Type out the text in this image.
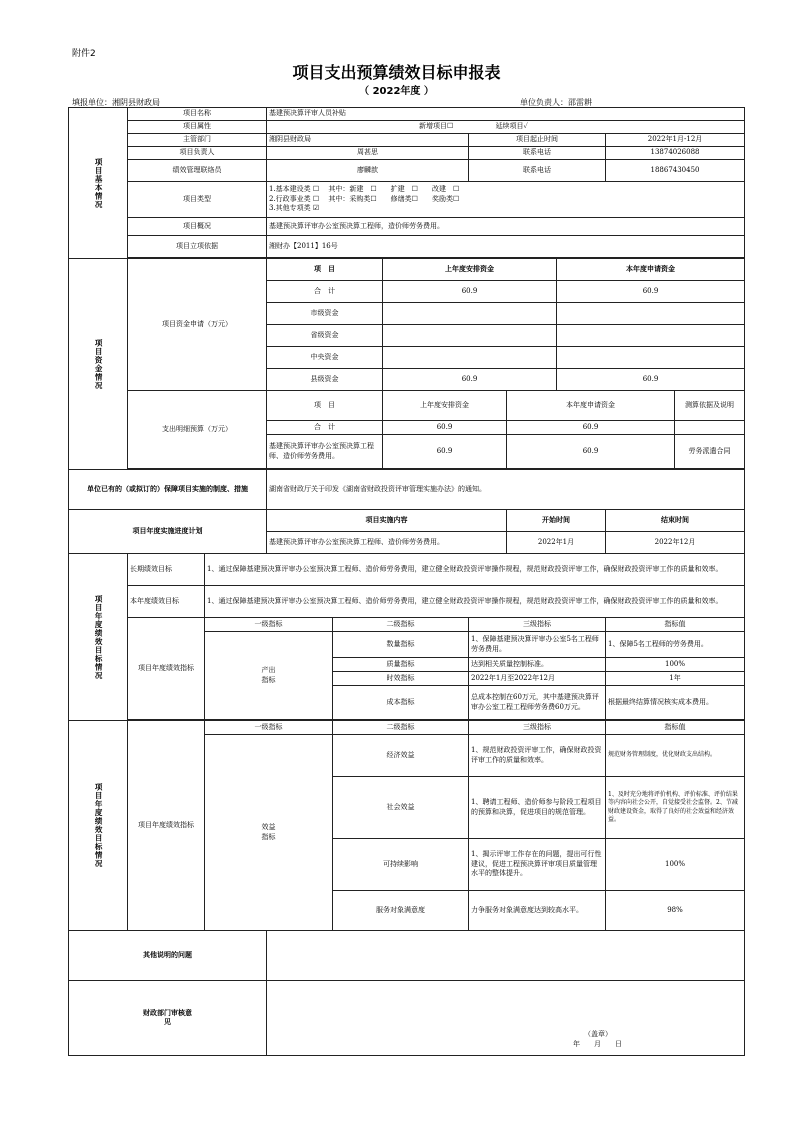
附件2
项目支出预算绩效目标申报表
（ 2022年度 ）
填报单位：湘阴县财政局	单位负责人：邵雷耕
项目基本情况	项目名称		基建预决算评审人员补贴							
	项目属性		新增项目☐ 延续项目✓							
	主管部门		湘阴县财政局			项目起止时间			2022年1月-12月	
	项目负责人		周甚思			联系电话			13874026088	
	绩效管理联络员		廖麟歆			联系电话			18867430450	
	项目类型		1.基本建设类 ☐　 其中：新建　☐　　扩建　☐　　改建　☐
2.行政事业类 ☐　 其中：采购类☐　　修缮类☐　　奖励类☐
3.其他专项类 ☑							

	项目概况		基建预决算评审办公室预决算工程师，造价师劳务费用。							
	项目立项依据		湘财办【2011】16号							

项目资金情况	项目资金申请（万元）		项　目		上年度安排资金			本年度申请资金		
			合　计		60.9			60.9		
			市级资金							
			省级资金							
			中央资金							
			县级资金		60.9			60.9		
	支出明细预算（万元）		项　目		上年度安排资金		本年度申请资金			测算依据及说明
			合　计		60.9		60.9			
			基建预决算评审办公室预决算工程师、造价师劳务费用。		60.9		60.9			劳务派遣合同

单位已有的（或拟订的）保障项目实施的制度、措施			湖南省财政厅关于印发《湖南省财政投资评审管理实施办法》的通知。							
项目年度实施进度计划			项目实施内容				开始时间		结束时间	
			基建预决算评审办公室预决算工程师、造价师劳务费用。				2022年1月		2022年12月	

项目年度绩效目标情况	长期绩效目标	1、通过保障基建预决算评审办公室预决算工程师、造价师劳务费用，建立健全财政投资评审操作规程，规范财政投资评审工作，确保财政投资评审工作的质量和效率。								
	本年度绩效目标	1、通过保障基建预决算评审办公室预决算工程师、造价师劳务费用，建立健全财政投资评审操作规程，规范财政投资评审工作，确保财政投资评审工作的质量和效率。								
	项目年度绩效指标	一级指标		二级指标		三级指标			指标值	

		产出指标		数量指标		1、保障基建预决算评审办公室5名工程师劳务费用。			1、保障5名工程师的劳务费用。	
				质量指标		达到相关质量控制标准。			100%	
				时效指标		2022年1月至2022年12月			1年	
				成本指标		总成本控制在60万元，其中基建预决算评审办公室工程工程师劳务费60万元。			根据最终结算情况核实成本费用。	

项目年度绩效目标情况	项目年度绩效指标	一级指标		二级指标		三级指标			指标值	

		效益指标		经济效益		1、规范财政投资评审工作，确保财政投资评审工作的质量和效率。			规范财务管理制度，优化财政支出结构。	
				社会效益		1、聘请工程师、造价师参与阶段工程项目的预算和决算，促进项目的规范管理。			1、及时充分地将评价机构、评价标准、评价结果等内容向社会公开，自觉接受社会监督。2、节减财政建设资金，取得了良好的社会效益和经济效益。	
				可持续影响		1、揭示评审工作存在的问题，提出可行性建议，促进工程预决算评审项目质量管理水平的整体提升。			100%	
				服务对象满意度		力争服务对象满意度达到较高水平。			98%	
其他说明的问题										

财政部门审核意见			（盖章）
年　　月　　日							
